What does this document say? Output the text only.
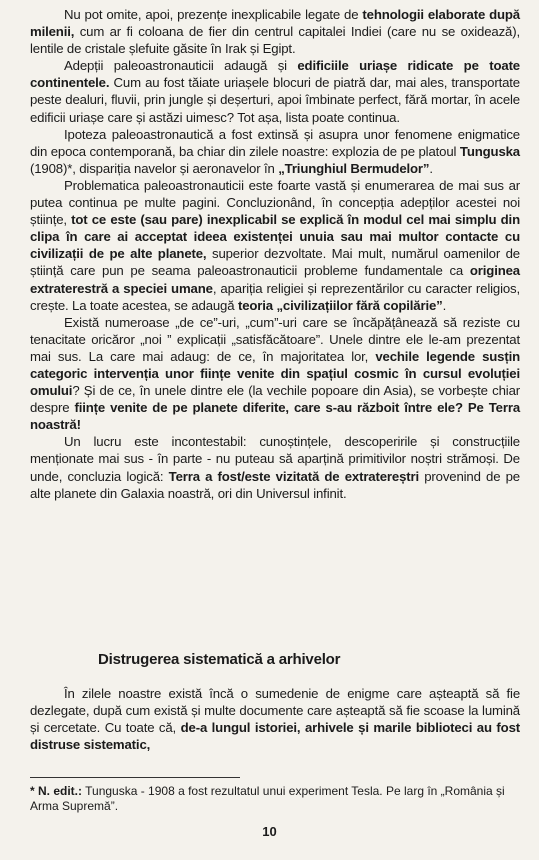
Nu pot omite, apoi, prezențe inexplicabile legate de tehnologii elaborate după milenii, cum ar fi coloana de fier din centrul capitalei Indiei (care nu se oxidează), lentile de cristale șlefuite găsite în Irak și Egipt.

Adepții paleoastronauticii adaugă și edificiile uriașe ridicate pe toate continentele. Cum au fost tăiate uriașele blocuri de piatră dar, mai ales, transportate peste dealuri, fluvii, prin jungle și deșerturi, apoi îmbinate perfect, fără mortar, în acele edificii uriașe care și astăzi uimesc? Tot așa, lista poate continua.

Ipoteza paleoastronautică a fost extinsă și asupra unor fenomene enigmatice din epoca contemporană, ba chiar din zilele noastre: explozia de pe platoul Tunguska (1908)*, dispariția navelor și aeronavelor în „Triunghiul Bermudelor”.

Problematica paleoastronauticii este foarte vastă și enumerarea de mai sus ar putea continua pe multe pagini. Concluzionând, în concepția adepților acestei noi științe, tot ce este (sau pare) inexplicabil se explică în modul cel mai simplu din clipa în care ai acceptat ideea existenței unuia sau mai multor contacte cu civilizații de pe alte planete, superior dezvoltate. Mai mult, numărul oamenilor de știință care pun pe seama paleoastronauticii probleme fundamentale ca originea extraterestră a speciei umane, apariția religiei și reprezentărilor cu caracter religios, crește. La toate acestea, se adaugă teoria „civilizațiilor fără copilărie”.

Există numeroase „de ce”-uri, „cum”-uri care se încăpățânează să reziste cu tenacitate oricăror „noi ” explicații „satisfăcătoare”. Unele dintre ele le-am prezentat mai sus. La care mai adaug: de ce, în majoritatea lor, vechile legende susțin categoric intervenția unor ființe venite din spațiul cosmic în cursul evoluției omului? Și de ce, în unele dintre ele (la vechile popoare din Asia), se vorbește chiar despre ființe venite de pe planete diferite, care s-au războit între ele? Pe Terra noastră!

Un lucru este incontestabil: cunoștințele, descoperirile și construcțiile menționate mai sus - în parte - nu puteau să aparțină primitivilor noștri strămoși. De unde, concluzia logică: Terra a fost/este vizitată de extratereștri provenind de pe alte planete din Galaxia noastră, ori din Universul infinit.

Distrugerea sistematică a arhivelor

În zilele noastre există încă o sumedenie de enigme care așteaptă să fie dezlegate, după cum există și multe documente care așteaptă să fie scoase la lumină și cercetate. Cu toate că, de-a lungul istoriei, arhivele și marile biblioteci au fost distruse sistematic,

* N. edit.: Tunguska - 1908 a fost rezultatul unui experiment Tesla. Pe larg în „România și Arma Supremă”.
10
